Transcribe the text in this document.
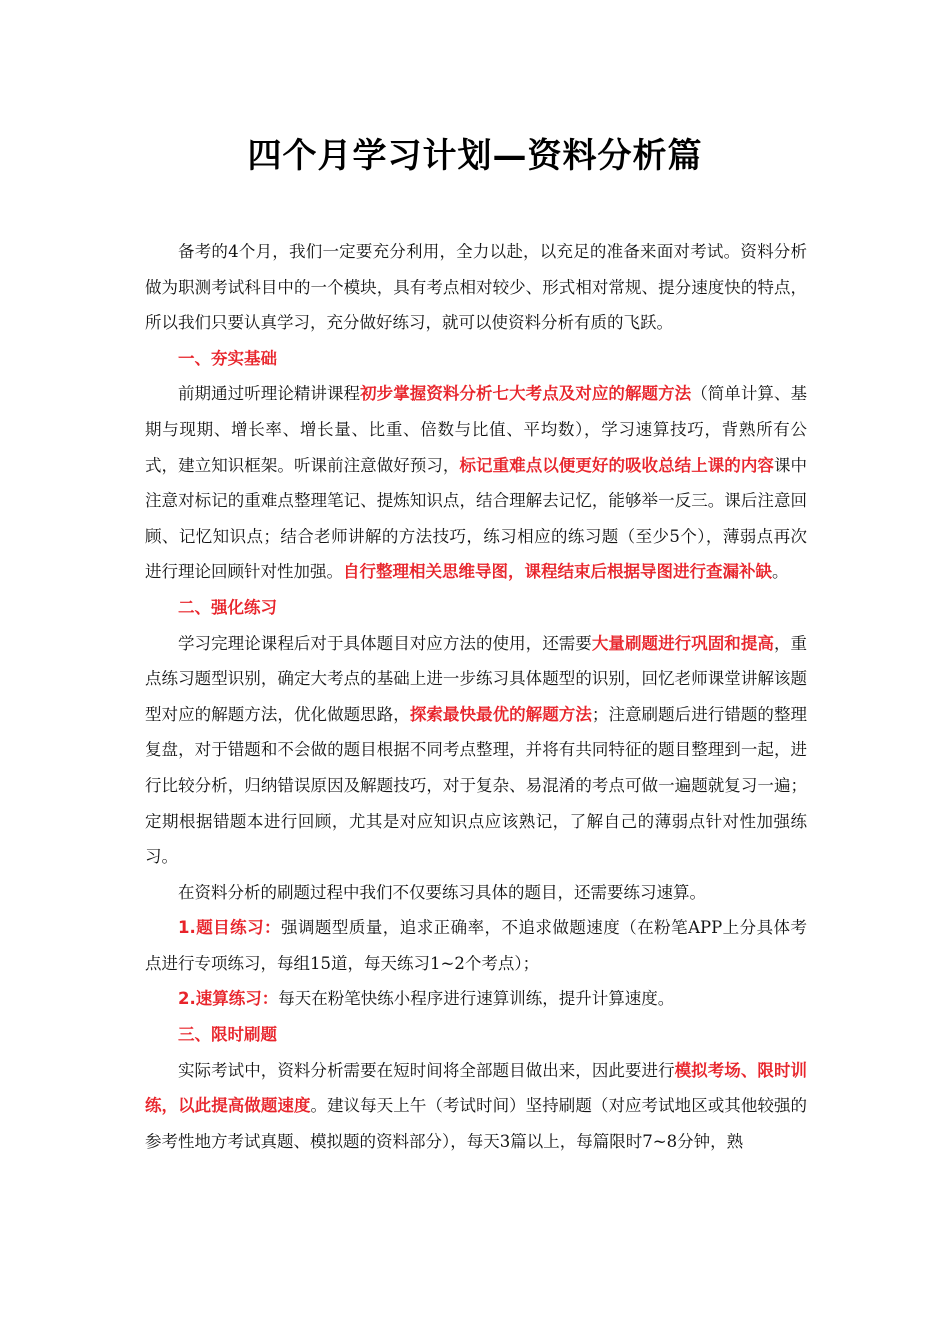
四个月学习计划—资料分析篇

备考的4个月，我们一定要充分利用，全力以赴，以充足的准备来面对考试。资料分析做为职测考试科目中的一个模块，具有考点相对较少、形式相对常规、提分速度快的特点，所以我们只要认真学习，充分做好练习，就可以使资料分析有质的飞跃。

一、夯实基础

前期通过听理论精讲课程初步掌握资料分析七大考点及对应的解题方法（简单计算、基期与现期、增长率、增长量、比重、倍数与比值、平均数），学习速算技巧，背熟所有公式，建立知识框架。听课前注意做好预习，标记重难点以便更好的吸收总结上课的内容课中注意对标记的重难点整理笔记、提炼知识点，结合理解去记忆，能够举一反三。课后注意回顾、记忆知识点；结合老师讲解的方法技巧，练习相应的练习题（至少5个），薄弱点再次进行理论回顾针对性加强。自行整理相关思维导图，课程结束后根据导图进行查漏补缺。

二、强化练习

学习完理论课程后对于具体题目对应方法的使用，还需要大量刷题进行巩固和提高，重点练习题型识别，确定大考点的基础上进一步练习具体题型的识别，回忆老师课堂讲解该题型对应的解题方法，优化做题思路，探索最快最优的解题方法；注意刷题后进行错题的整理复盘，对于错题和不会做的题目根据不同考点整理，并将有共同特征的题目整理到一起，进行比较分析，归纳错误原因及解题技巧，对于复杂、易混淆的考点可做一遍题就复习一遍；定期根据错题本进行回顾，尤其是对应知识点应该熟记，了解自己的薄弱点针对性加强练习。

在资料分析的刷题过程中我们不仅要练习具体的题目，还需要练习速算。

1.题目练习：强调题型质量，追求正确率，不追求做题速度（在粉笔APP上分具体考点进行专项练习，每组15道，每天练习1~2个考点）；

2.速算练习：每天在粉笔快练小程序进行速算训练，提升计算速度。

三、限时刷题

实际考试中，资料分析需要在短时间将全部题目做出来，因此要进行模拟考场、限时训练，以此提高做题速度。建议每天上午（考试时间）坚持刷题（对应考试地区或其他较强的参考性地方考试真题、模拟题的资料部分），每天3篇以上，每篇限时7~8分钟，熟
